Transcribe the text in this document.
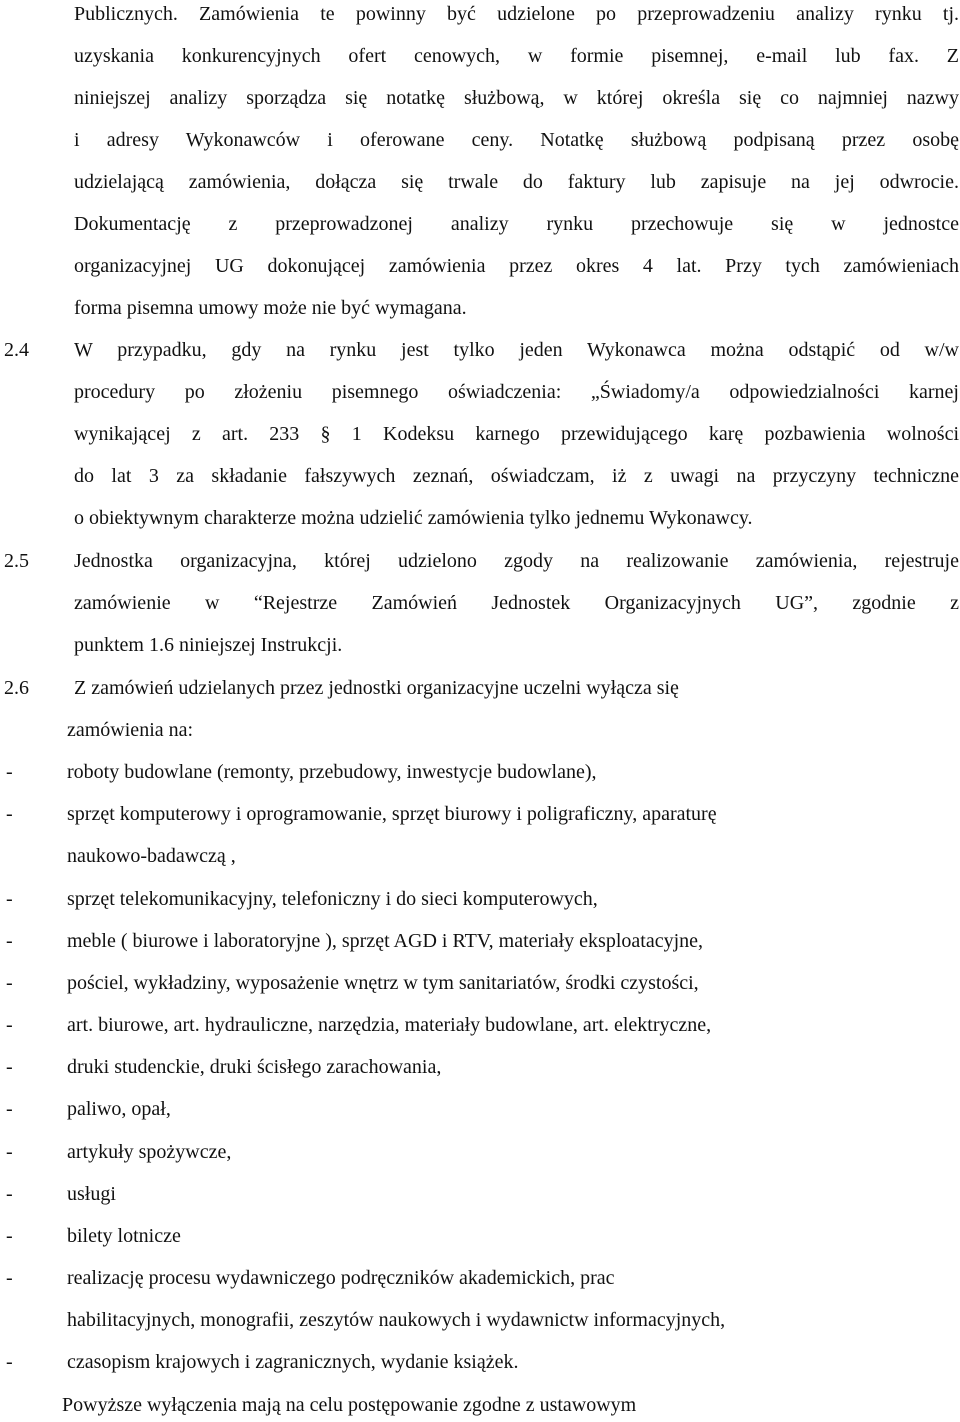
Publicznych. Zamówienia te powinny być udzielone po przeprowadzeniu analizy rynku tj.
uzyskania konkurencyjnych ofert cenowych, w formie pisemnej, e-mail lub fax. Z
niniejszej analizy sporządza się notatkę służbową, w której określa się co najmniej nazwy
i adresy Wykonawców i oferowane ceny. Notatkę służbową podpisaną przez osobę
udzielającą zamówienia, dołącza się trwale do faktury lub zapisuje na jej odwrocie.
Dokumentację z przeprowadzonej analizy rynku przechowuje się w jednostce
organizacyjnej UG dokonującej zamówienia przez okres 4 lat. Przy tych zamówieniach
forma pisemna umowy może nie być wymagana.
2.4 W przypadku, gdy na rynku jest tylko jeden Wykonawca można odstąpić od w/w
procedury po złożeniu pisemnego oświadczenia: „Świadomy/a odpowiedzialności karnej
wynikającej z art. 233 § 1 Kodeksu karnego przewidującego karę pozbawienia wolności
do lat 3 za składanie fałszywych zeznań, oświadczam, iż z uwagi na przyczyny techniczne
o obiektywnym charakterze można udzielić zamówienia tylko jednemu Wykonawcy.
2.5 Jednostka organizacyjna, której udzielono zgody na realizowanie zamówienia, rejestruje
zamówienie w “Rejestrze Zamówień Jednostek Organizacyjnych UG”, zgodnie z
punktem 1.6 niniejszej Instrukcji.
2.6 Z zamówień udzielanych przez jednostki organizacyjne uczelni wyłącza się
zamówienia na:
-	roboty budowlane (remonty, przebudowy, inwestycje budowlane),
-	sprzęt komputerowy i oprogramowanie, sprzęt biurowy i poligraficzny, aparaturę
naukowo-badawczą ,
-	sprzęt telekomunikacyjny, telefoniczny i do sieci komputerowych,
-	meble ( biurowe i laboratoryjne ), sprzęt AGD i RTV, materiały eksploatacyjne,
-	pościel, wykładziny, wyposażenie wnętrz w tym sanitariatów, środki czystości,
-	art. biurowe, art. hydrauliczne, narzędzia, materiały budowlane, art. elektryczne,
-	druki studenckie, druki ścisłego zarachowania,
-	paliwo, opał,
-	artykuły spożywcze,
-	usługi
-	bilety lotnicze
-	realizację procesu wydawniczego podręczników akademickich, prac
habilitacyjnych, monografii, zeszytów naukowych i wydawnictw informacyjnych,
-	czasopism krajowych i zagranicznych, wydanie książek.
Powyższe wyłączenia mają na celu postępowanie zgodne z ustawowym
